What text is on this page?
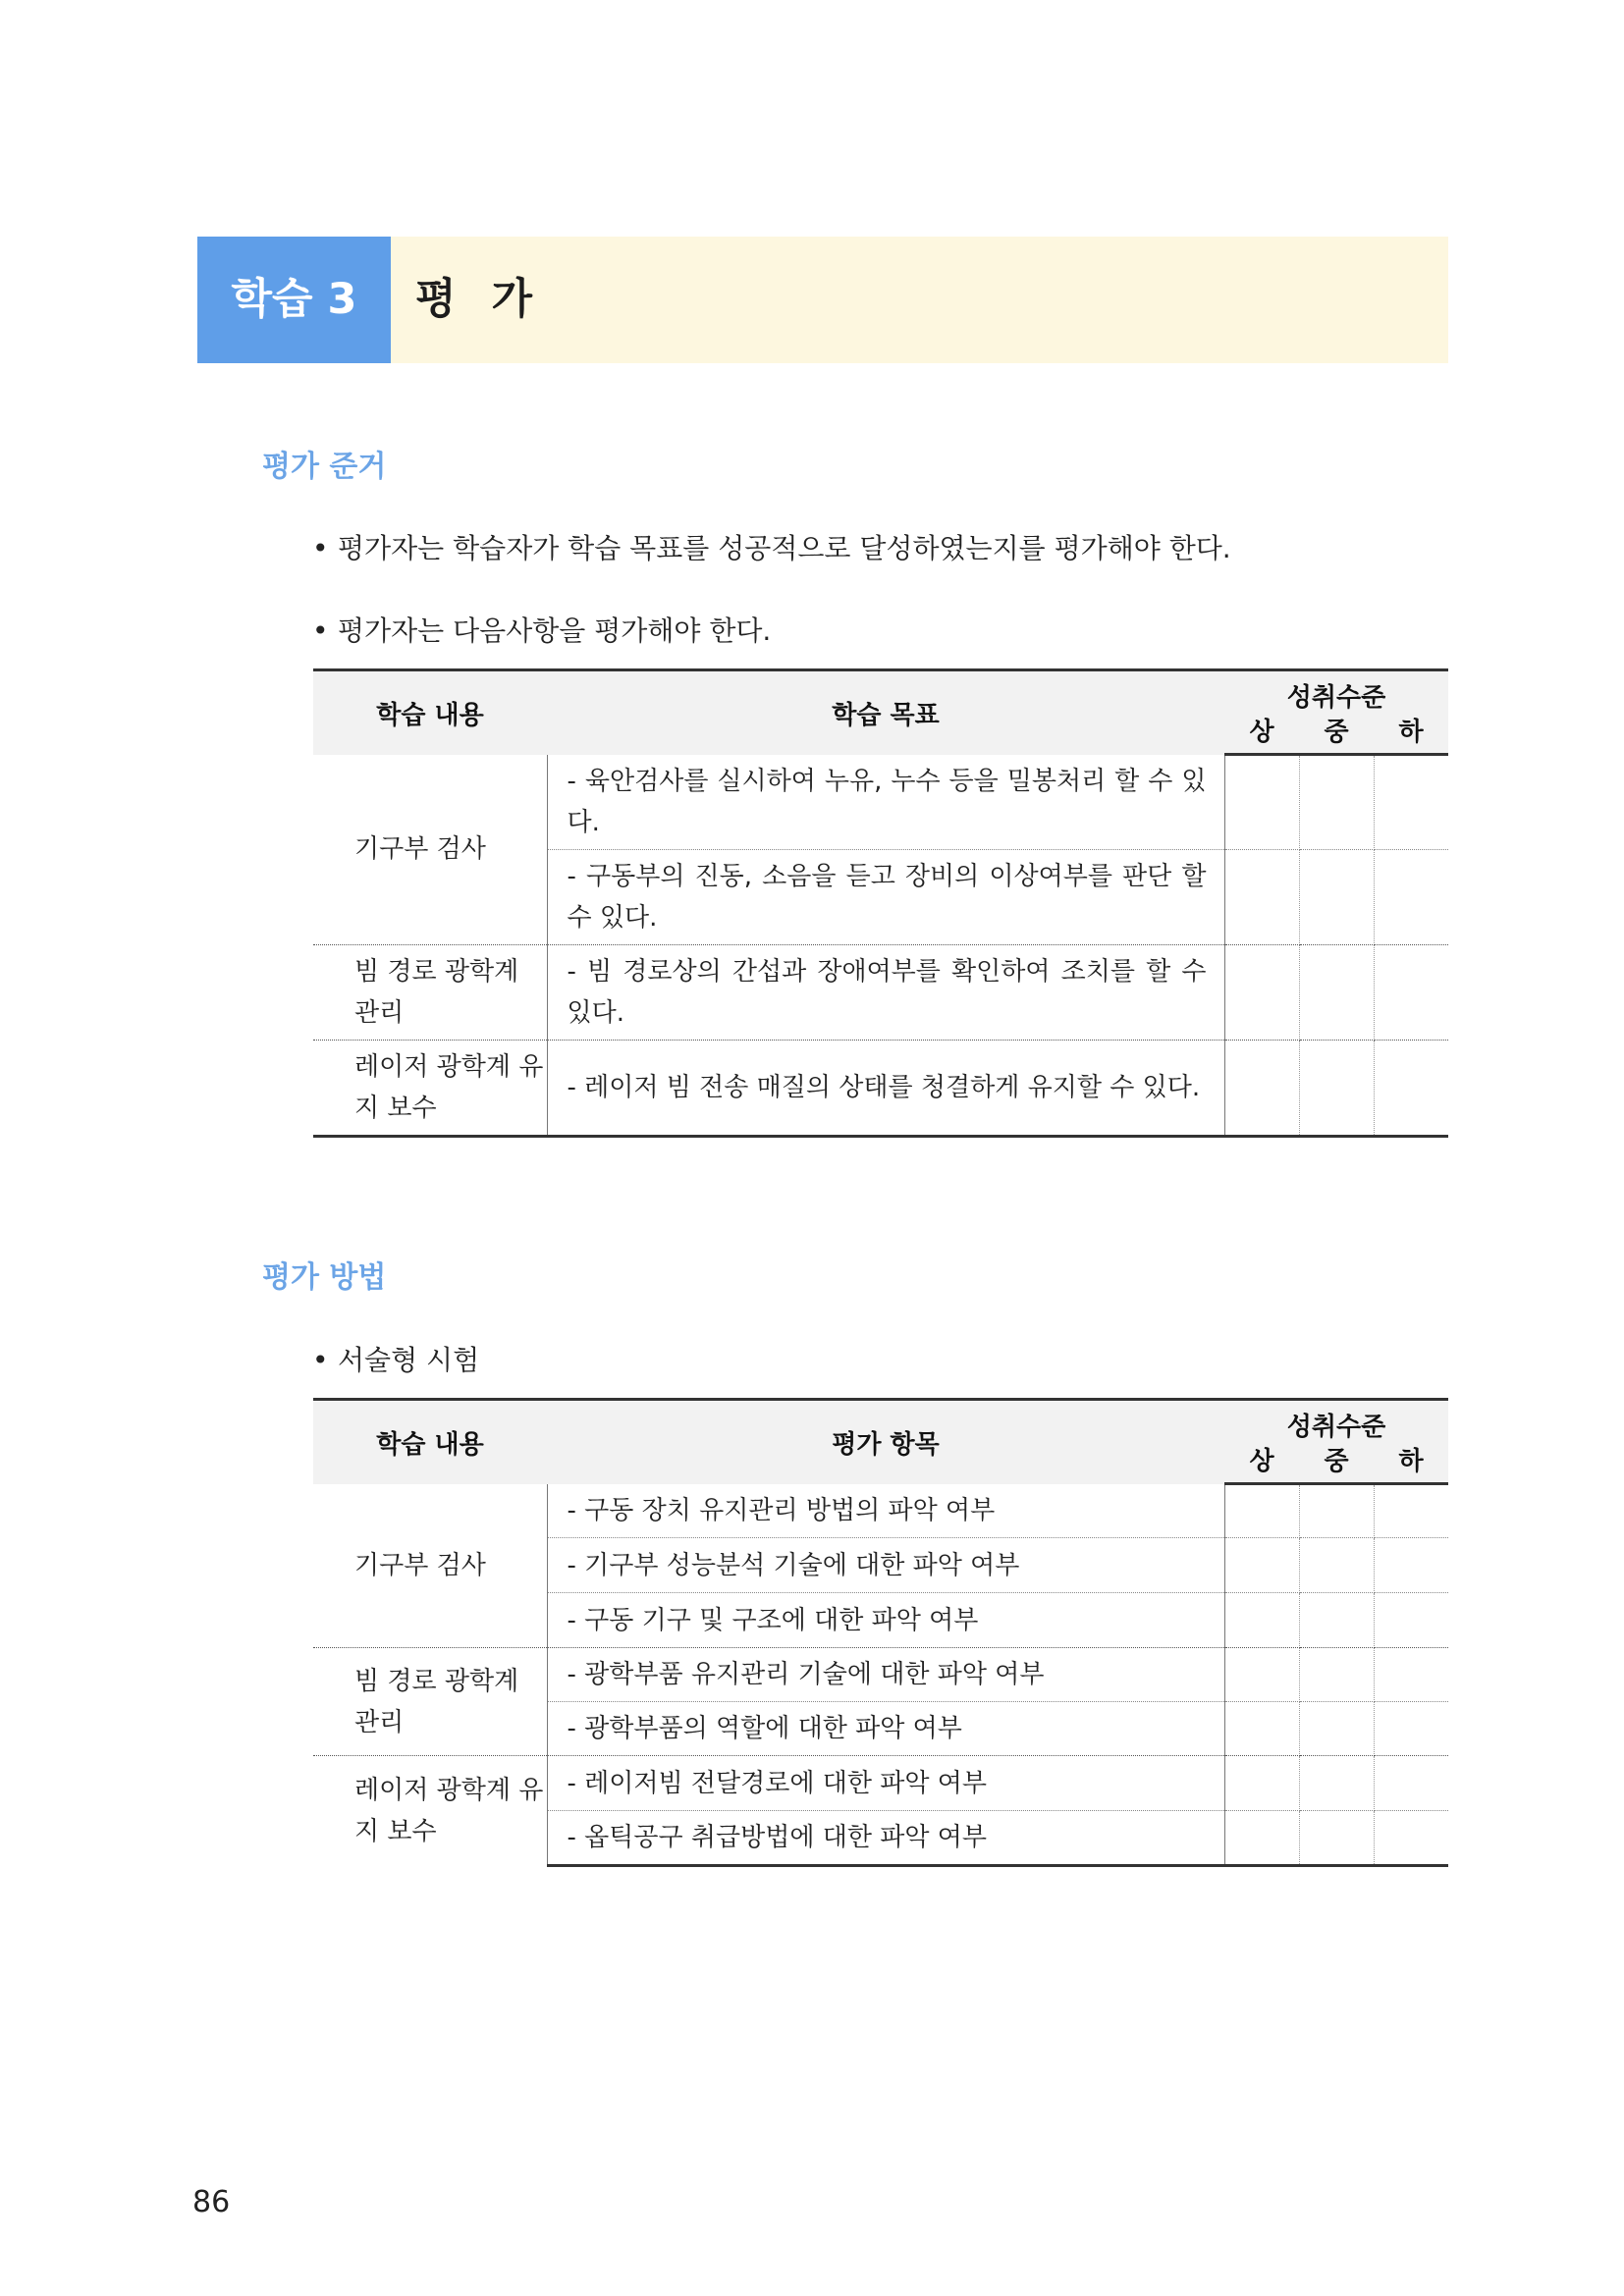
학습 3	평  가
평가 준거
• 평가자는 학습자가 학습 목표를 성공적으로 달성하였는지를 평가해야 한다.
• 평가자는 다음사항을 평가해야 한다.
학습 내용	학습 목표	성취수준		
		상	중	하
기구부 검사	- 육안검사를 실시하여 누유, 누수 등을 밀봉처리 할 수 있다.			
	- 구동부의 진동, 소음을 듣고 장비의 이상여부를 판단 할 수 있다.			
빔 경로 광학계 관리	- 빔 경로상의 간섭과 장애여부를 확인하여 조치를 할 수 있다.			
레이저 광학계 유지 보수	- 레이저 빔 전송 매질의 상태를 청결하게 유지할 수 있다.			
평가 방법
• 서술형 시험
학습 내용	평가 항목	성취수준		
		상	중	하
기구부 검사	- 구동 장치 유지관리 방법의 파악 여부			
	- 기구부 성능분석 기술에 대한 파악 여부			
	- 구동 기구 및 구조에 대한 파악 여부			
빔 경로 광학계 관리	- 광학부품 유지관리 기술에 대한 파악 여부			
	- 광학부품의 역할에 대한 파악 여부			
레이저 광학계 유지 보수	- 레이저빔 전달경로에 대한 파악 여부			
	- 옵틱공구 취급방법에 대한 파악 여부			
86
